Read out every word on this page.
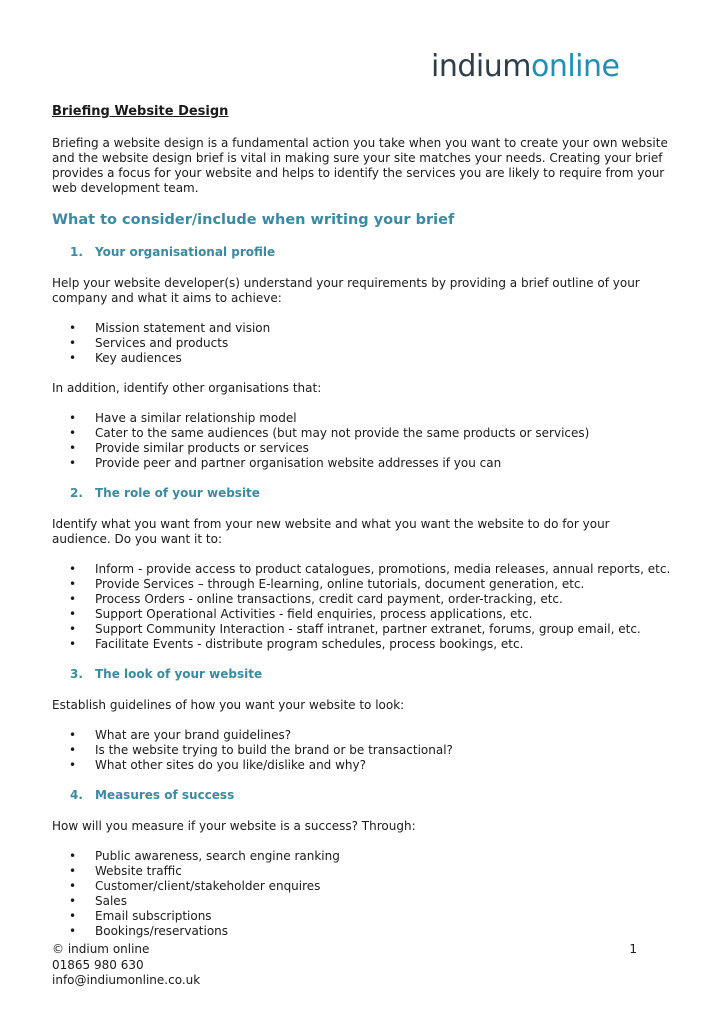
indiumonline
Briefing Website Design

Briefing a website design is a fundamental action you take when you want to create your own website and the website design brief is vital in making sure your site matches your needs. Creating your brief provides a focus for your website and helps to identify the services you are likely to require from your web development team.

What to consider/include when writing your brief
1. Your organisational profile

Help your website developer(s) understand your requirements by providing a brief outline of your company and what it aims to achieve:

• Mission statement and vision
• Services and products
• Key audiences

In addition, identify other organisations that:

• Have a similar relationship model
• Cater to the same audiences (but may not provide the same products or services)
• Provide similar products or services
• Provide peer and partner organisation website addresses if you can
2. The role of your website

Identify what you want from your new website and what you want the website to do for your audience. Do you want it to:

• Inform - provide access to product catalogues, promotions, media releases, annual reports, etc.
• Provide Services – through E-learning, online tutorials, document generation, etc.
• Process Orders - online transactions, credit card payment, order-tracking, etc.
• Support Operational Activities - field enquiries, process applications, etc.
• Support Community Interaction - staff intranet, partner extranet, forums, group email, etc.
• Facilitate Events - distribute program schedules, process bookings, etc.
3. The look of your website

Establish guidelines of how you want your website to look:

• What are your brand guidelines?
• Is the website trying to build the brand or be transactional?
• What other sites do you like/dislike and why?
4. Measures of success

How will you measure if your website is a success? Through:

• Public awareness, search engine ranking
• Website traffic
• Customer/client/stakeholder enquires
• Sales
• Email subscriptions
• Bookings/reservations
© indium online
01865 980 630
info@indiumonline.co.uk
1
